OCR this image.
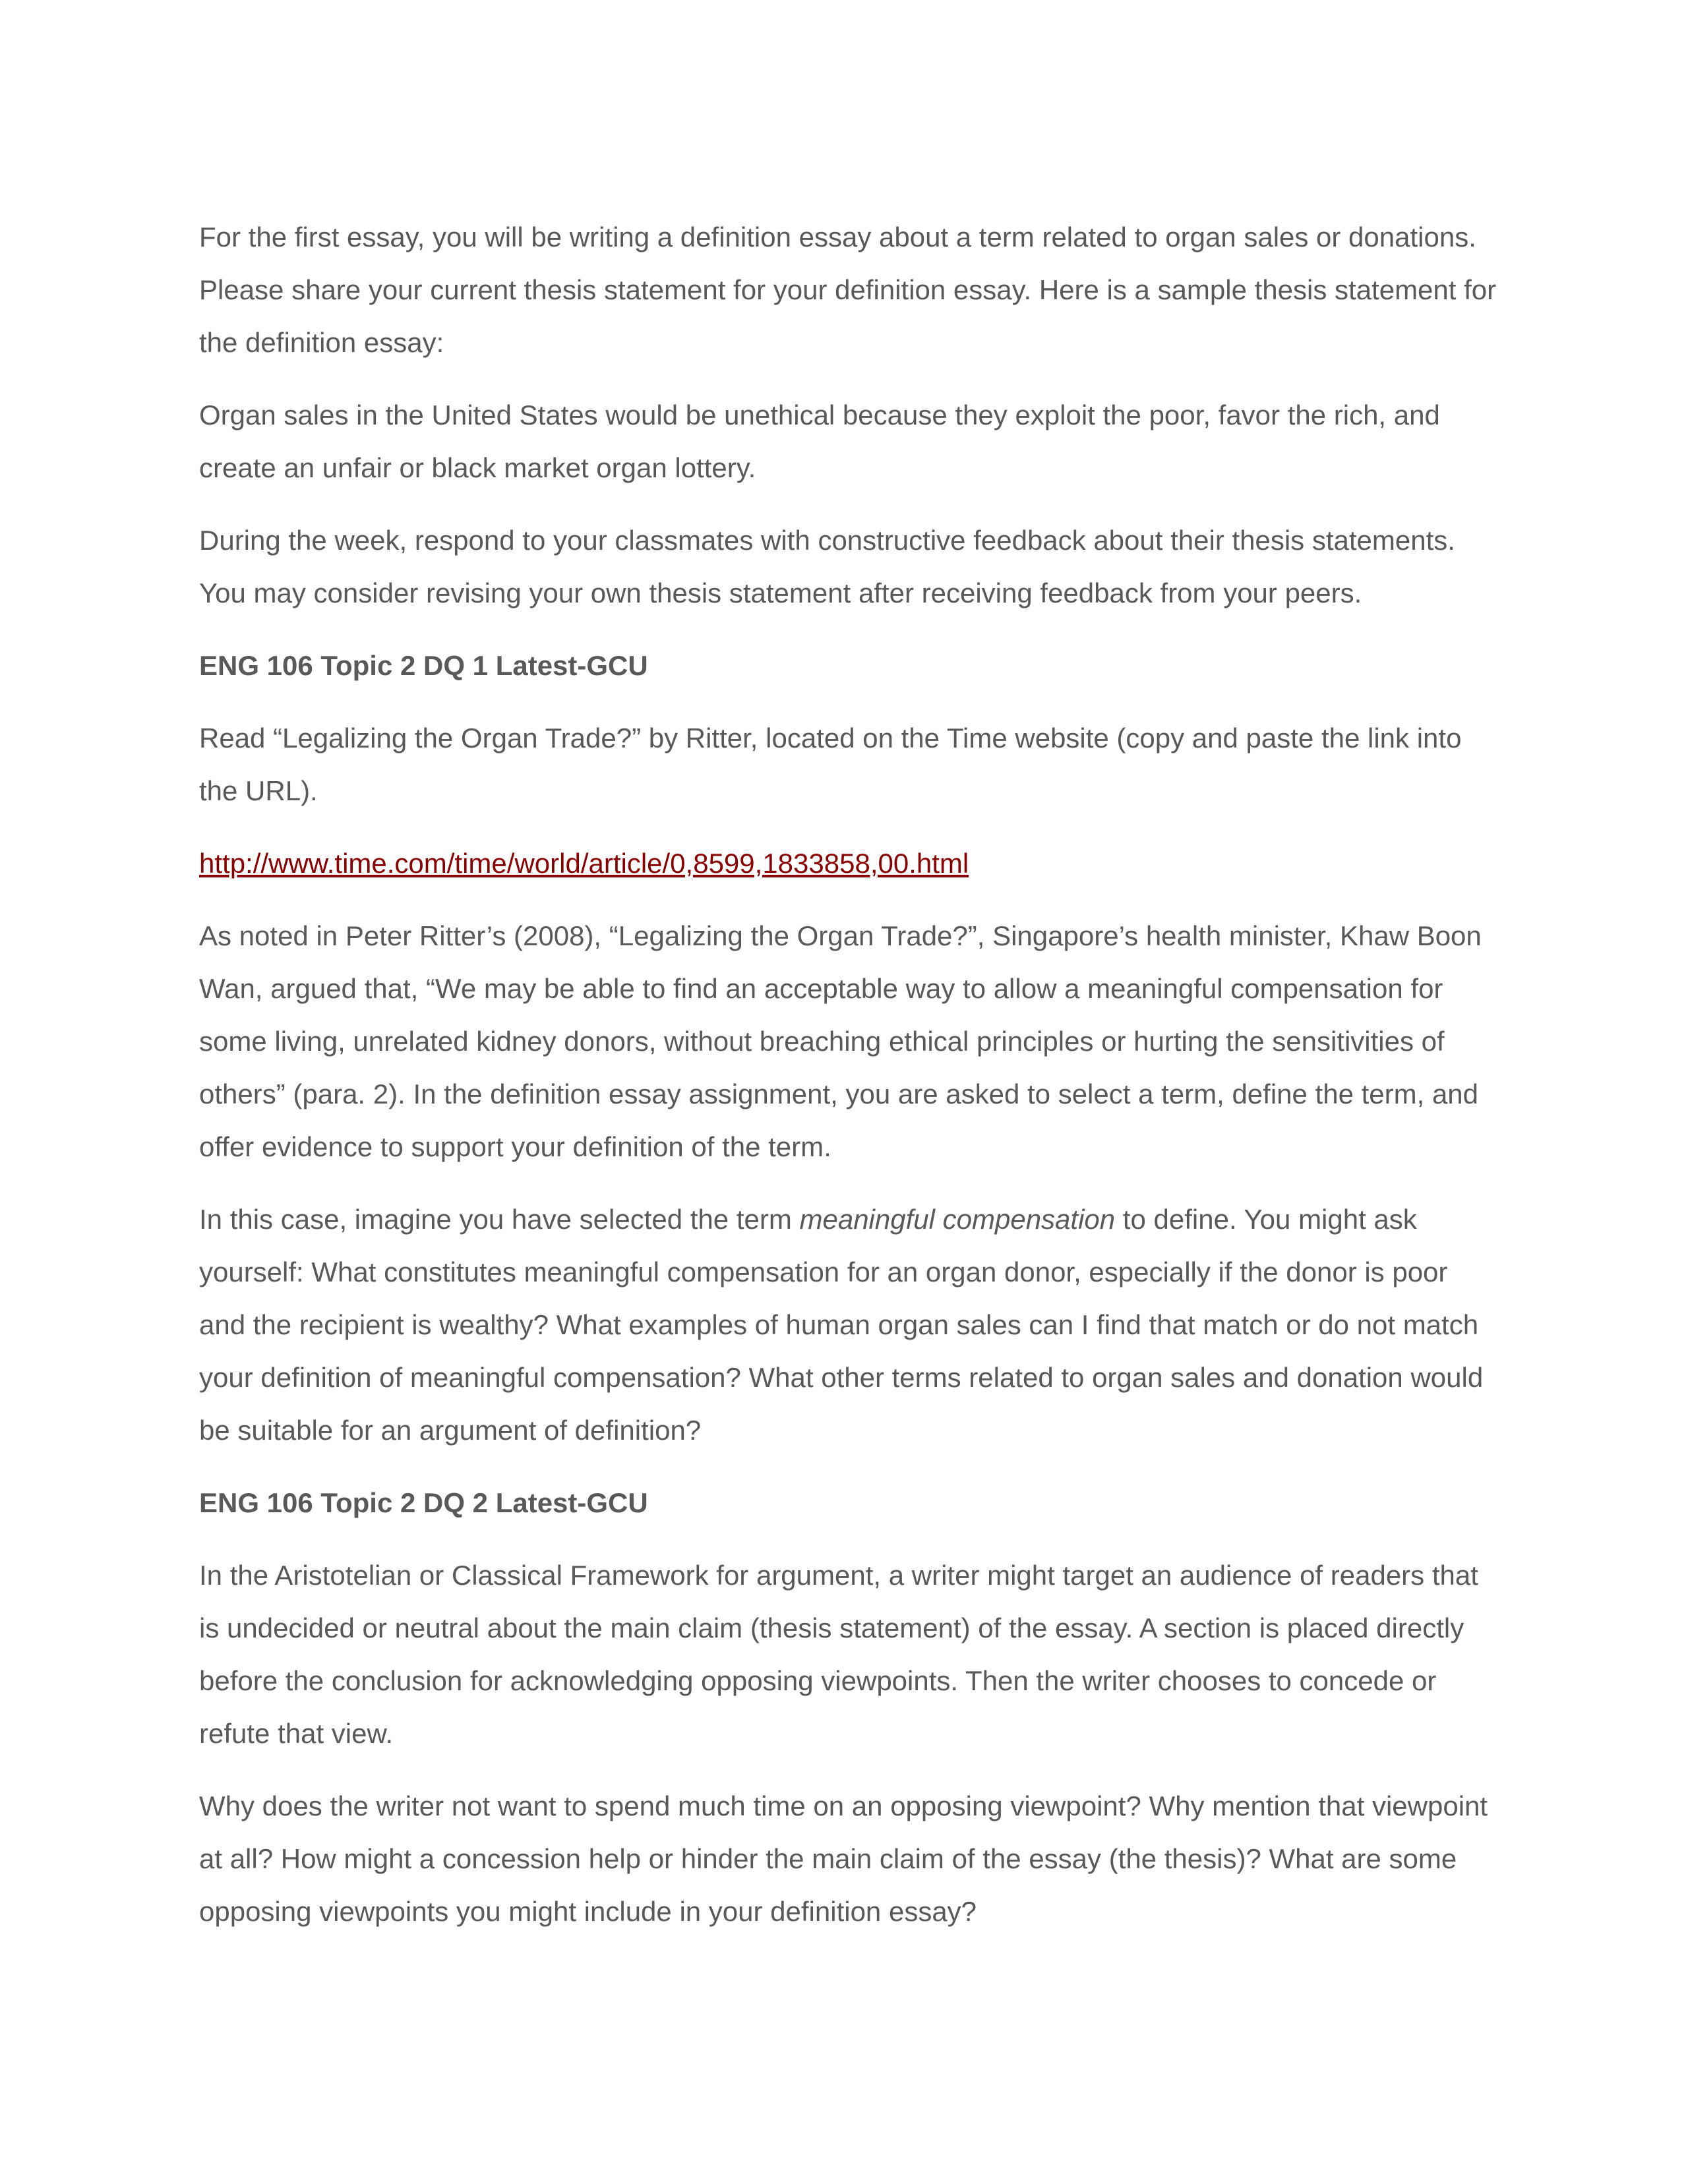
For the first essay, you will be writing a definition essay about a term related to organ sales or donations. Please share your current thesis statement for your definition essay. Here is a sample thesis statement for the definition essay:

Organ sales in the United States would be unethical because they exploit the poor, favor the rich, and create an unfair or black market organ lottery.

During the week, respond to your classmates with constructive feedback about their thesis statements. You may consider revising your own thesis statement after receiving feedback from your peers.

ENG 106 Topic 2 DQ 1 Latest-GCU

Read “Legalizing the Organ Trade?” by Ritter, located on the Time website (copy and paste the link into the URL).

http://www.time.com/time/world/article/0,8599,1833858,00.html

As noted in Peter Ritter’s (2008), “Legalizing the Organ Trade?”, Singapore’s health minister, Khaw Boon Wan, argued that, “We may be able to find an acceptable way to allow a meaningful compensation for some living, unrelated kidney donors, without breaching ethical principles or hurting the sensitivities of others” (para. 2). In the definition essay assignment, you are asked to select a term, define the term, and offer evidence to support your definition of the term.

In this case, imagine you have selected the term meaningful compensation to define. You might ask yourself: What constitutes meaningful compensation for an organ donor, especially if the donor is poor and the recipient is wealthy? What examples of human organ sales can I find that match or do not match your definition of meaningful compensation? What other terms related to organ sales and donation would be suitable for an argument of definition?

ENG 106 Topic 2 DQ 2 Latest-GCU

In the Aristotelian or Classical Framework for argument, a writer might target an audience of readers that is undecided or neutral about the main claim (thesis statement) of the essay. A section is placed directly before the conclusion for acknowledging opposing viewpoints. Then the writer chooses to concede or refute that view.

Why does the writer not want to spend much time on an opposing viewpoint? Why mention that viewpoint at all? How might a concession help or hinder the main claim of the essay (the thesis)? What are some opposing viewpoints you might include in your definition essay?
